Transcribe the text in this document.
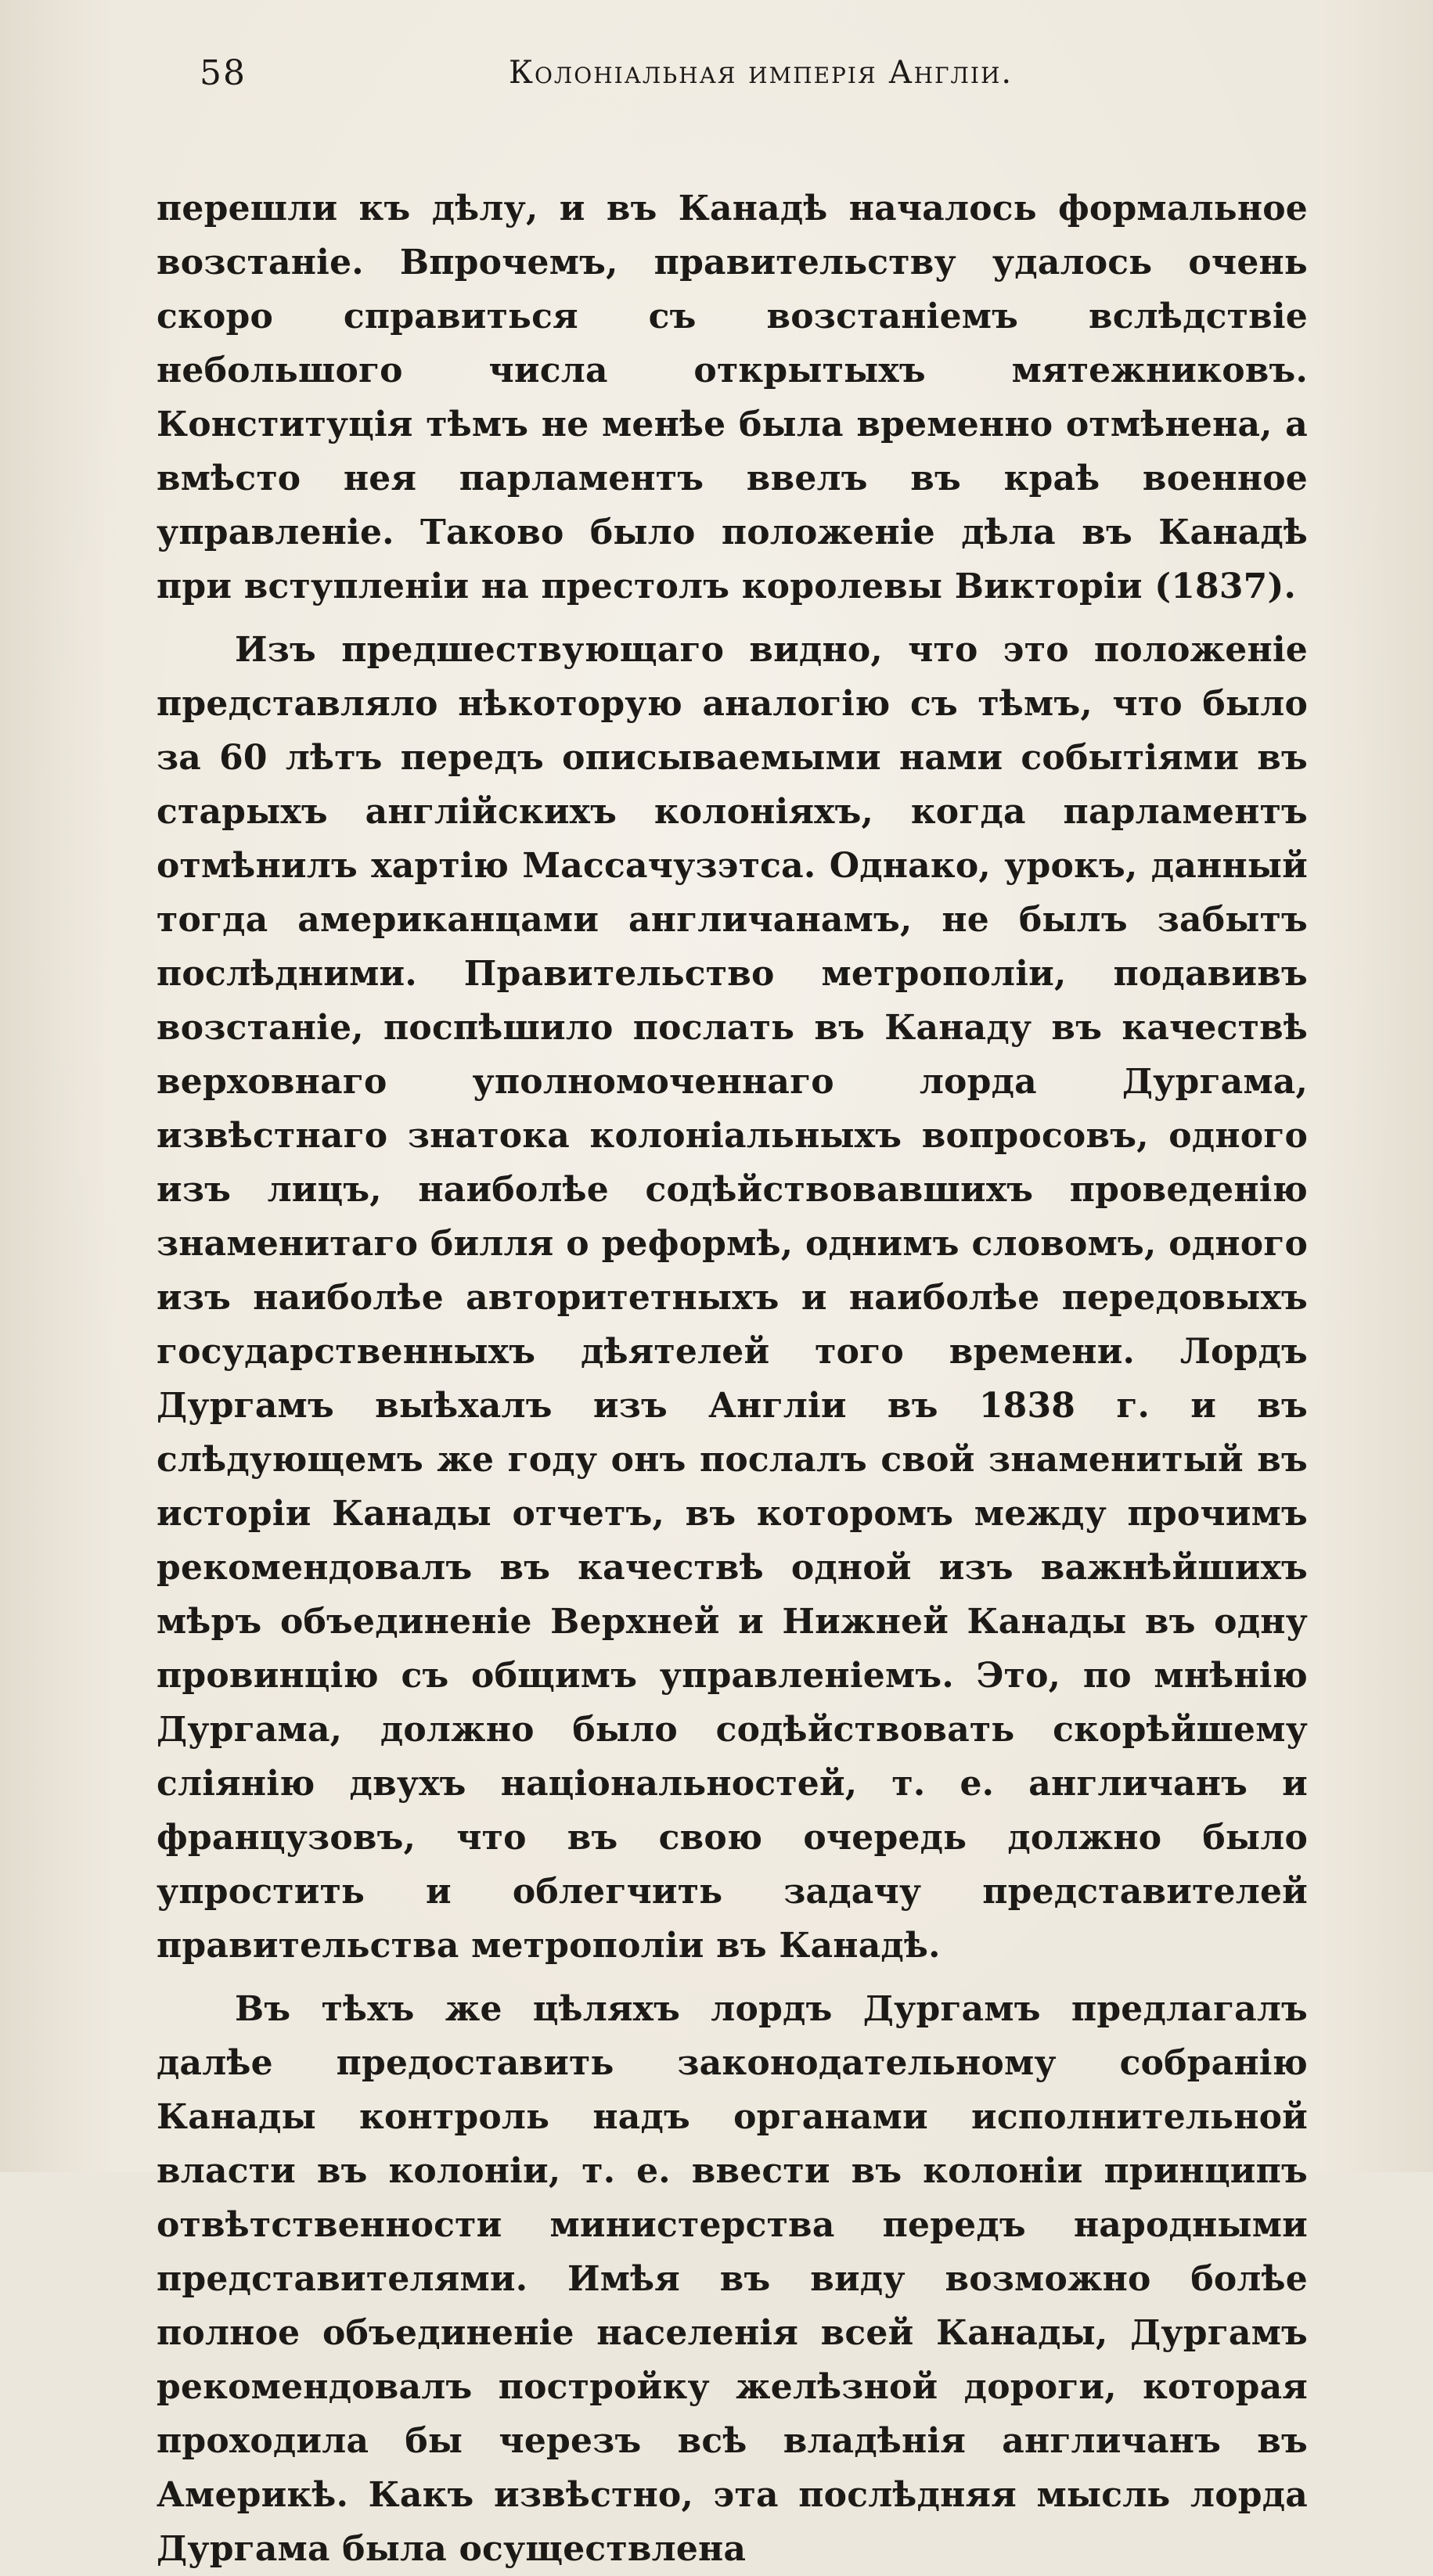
58	Колоніальная имперія Англіи.

перешли къ дѣлу, и въ Канадѣ началось формальное возстаніе. Впрочемъ, правительству удалось очень скоро справиться съ возстаніемъ вслѣдствіе небольшого числа открытыхъ мятежниковъ. Конституція тѣмъ не менѣе была временно отмѣнена, а вмѣсто нея парламентъ ввелъ въ краѣ военное управленіе. Таково было положеніе дѣла въ Канадѣ при вступленіи на престолъ королевы Викторіи (1837).

Изъ предшествующаго видно, что это положеніе представляло нѣкоторую аналогію съ тѣмъ, что было за 60 лѣтъ передъ описываемыми нами событіями въ старыхъ англійскихъ колоніяхъ, когда парламентъ отмѣнилъ хартію Массачузэтса. Однако, урокъ, данный тогда американцами англичанамъ, не былъ забытъ послѣдними. Правительство метрополіи, подавивъ возстаніе, поспѣшило послать въ Канаду въ качествѣ верховнаго уполномоченнаго лорда Дургама, извѣстнаго знатока колоніальныхъ вопросовъ, одного изъ лицъ, наиболѣе содѣйствовавшихъ проведенію знаменитаго билля о реформѣ, однимъ словомъ, одного изъ наиболѣе авторитетныхъ и наиболѣе передовыхъ государственныхъ дѣятелей того времени. Лордъ Дургамъ выѣхалъ изъ Англіи въ 1838 г. и въ слѣдующемъ же году онъ послалъ свой знаменитый въ исторіи Канады отчетъ, въ которомъ между прочимъ рекомендовалъ въ качествѣ одной изъ важнѣйшихъ мѣръ объединеніе Верхней и Нижней Канады въ одну провинцію съ общимъ управленіемъ. Это, по мнѣнію Дургама, должно было содѣйствовать скорѣйшему сліянію двухъ національностей, т. е. англичанъ и французовъ, что въ свою очередь должно было упростить и облегчить задачу представителей правительства метрополіи въ Канадѣ.

Въ тѣхъ же цѣляхъ лордъ Дургамъ предлагалъ далѣе предоставить законодательному собранію Канады контроль надъ органами исполнительной власти въ колоніи, т. е. ввести въ колоніи принципъ отвѣтственности министерства передъ народными представителями. Имѣя въ виду возможно болѣе полное объединеніе населенія всей Канады, Дургамъ рекомендовалъ постройку желѣзной дороги, которая проходила бы черезъ всѣ владѣнія англичанъ въ Америкѣ. Какъ извѣстно, эта послѣдняя мысль лорда Дургама была осуществлена
